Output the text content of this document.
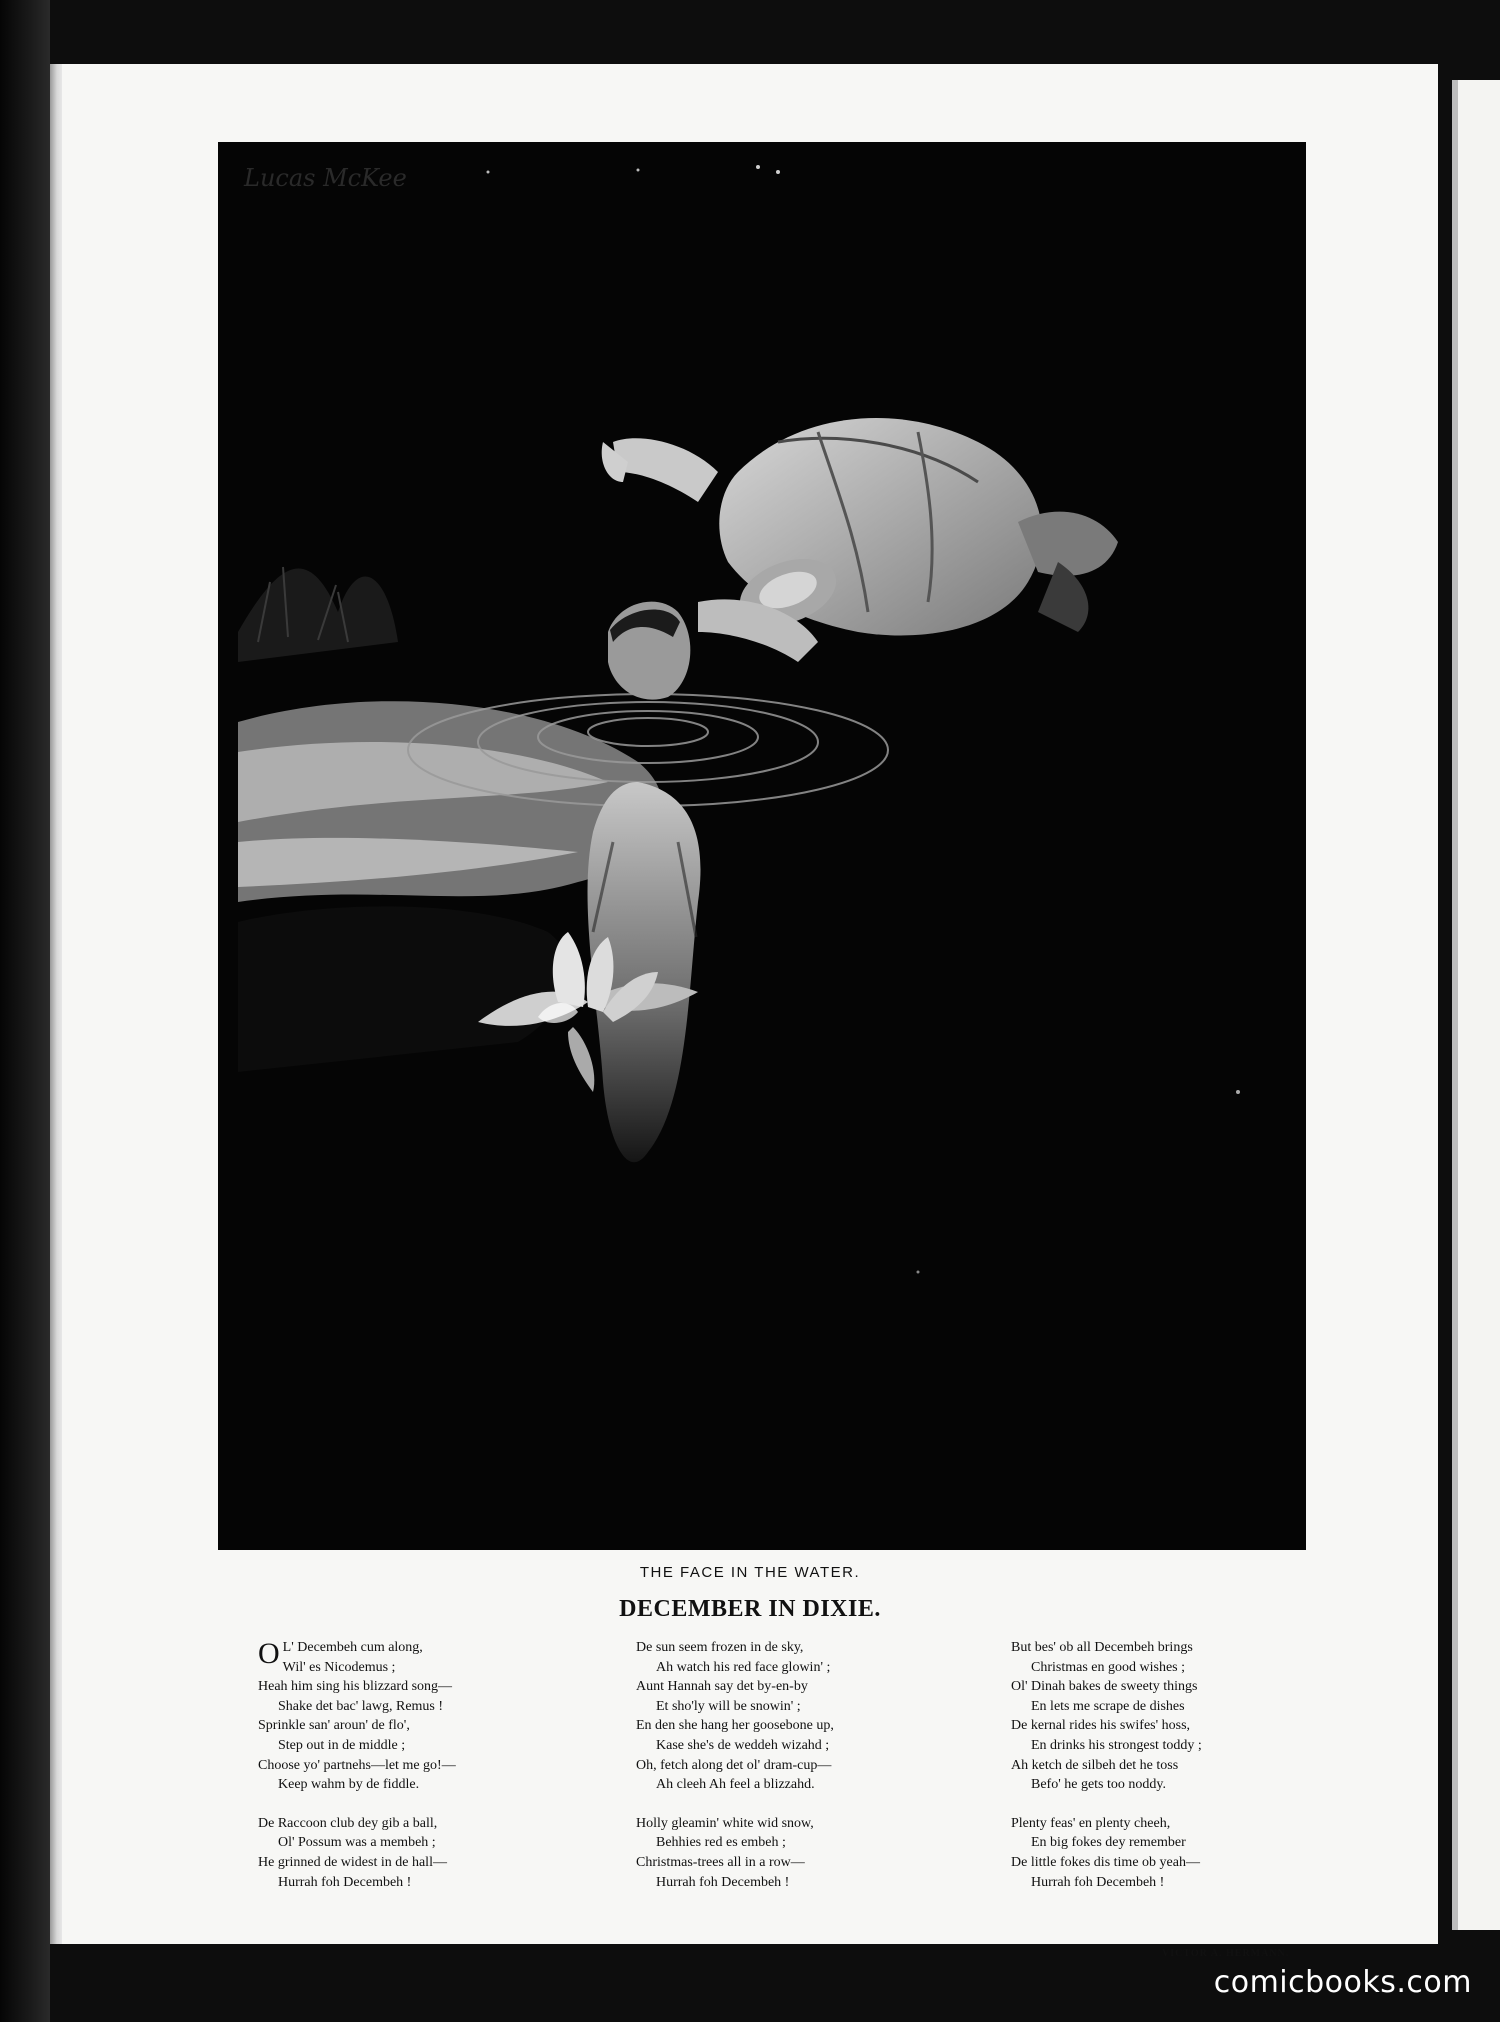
Lucas McKee
THE FACE IN THE WATER.
DECEMBER IN DIXIE.
O L' Decembeh cum along,
Wil' es Nicodemus ;
Heah him sing his blizzard song—
Shake det bac' lawg, Remus !
Sprinkle san' aroun' de flo',
Step out in de middle ;
Choose yo' partnehs—let me go!—
Keep wahm by de fiddle.
De Raccoon club dey gib a ball,
Ol' Possum was a membeh ;
He grinned de widest in de hall—
Hurrah foh Decembeh !
De sun seem frozen in de sky,
Ah watch his red face glowin' ;
Aunt Hannah say det by-en-by
Et sho'ly will be snowin' ;
En den she hang her goosebone up,
Kase she's de weddeh wizahd ;
Oh, fetch along det ol' dram-cup—
Ah cleeh Ah feel a blizzahd.
Holly gleamin' white wid snow,
Behhies red es embeh ;
Christmas-trees all in a row—
Hurrah foh Decembeh !
But bes' ob all Decembeh brings
Christmas en good wishes ;
Ol' Dinah bakes de sweety things
En lets me scrape de dishes
De kernal rides his swifes' hoss,
En drinks his strongest toddy ;
Ah ketch de silbeh det he toss
Befo' he gets too noddy.
Plenty feas' en plenty cheeh,
En big fokes dey remember
De little fokes dis time ob yeah—
Hurrah foh Decembeh !
VICTOR A. HERMANN.
comicbooks.com
